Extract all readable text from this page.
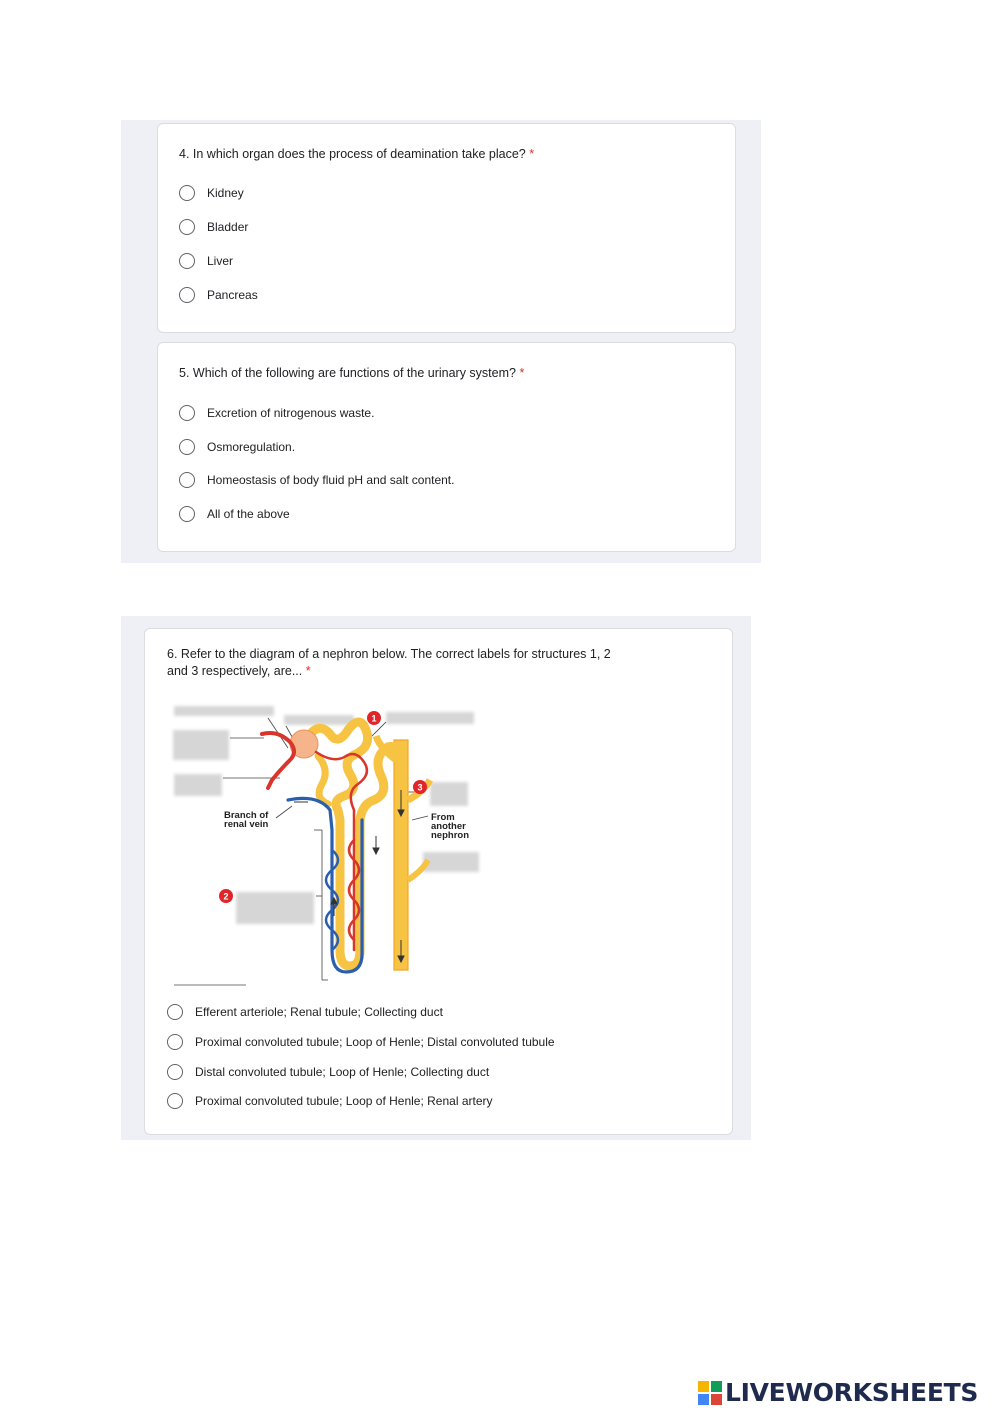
4. In which organ does the process of deamination take place? *
Kidney
Bladder
Liver
Pancreas
5. Which of the following are functions of the urinary system? *
Excretion of nitrogenous waste.
Osmoregulation.
Homeostasis of body fluid pH and salt content.
All of the above
6. Refer to the diagram of a nephron below. The correct labels for structures 1, 2
and 3 respectively, are... *
Efferent arteriole; Renal tubule; Collecting duct
Proximal convoluted tubule; Loop of Henle; Distal convoluted tubule
Distal convoluted tubule; Loop of Henle; Collecting duct
Proximal convoluted tubule; Loop of Henle; Renal artery
1
3
2
Branch of
renal vein
From
another
nephron
LIVEWORKSHEETS
